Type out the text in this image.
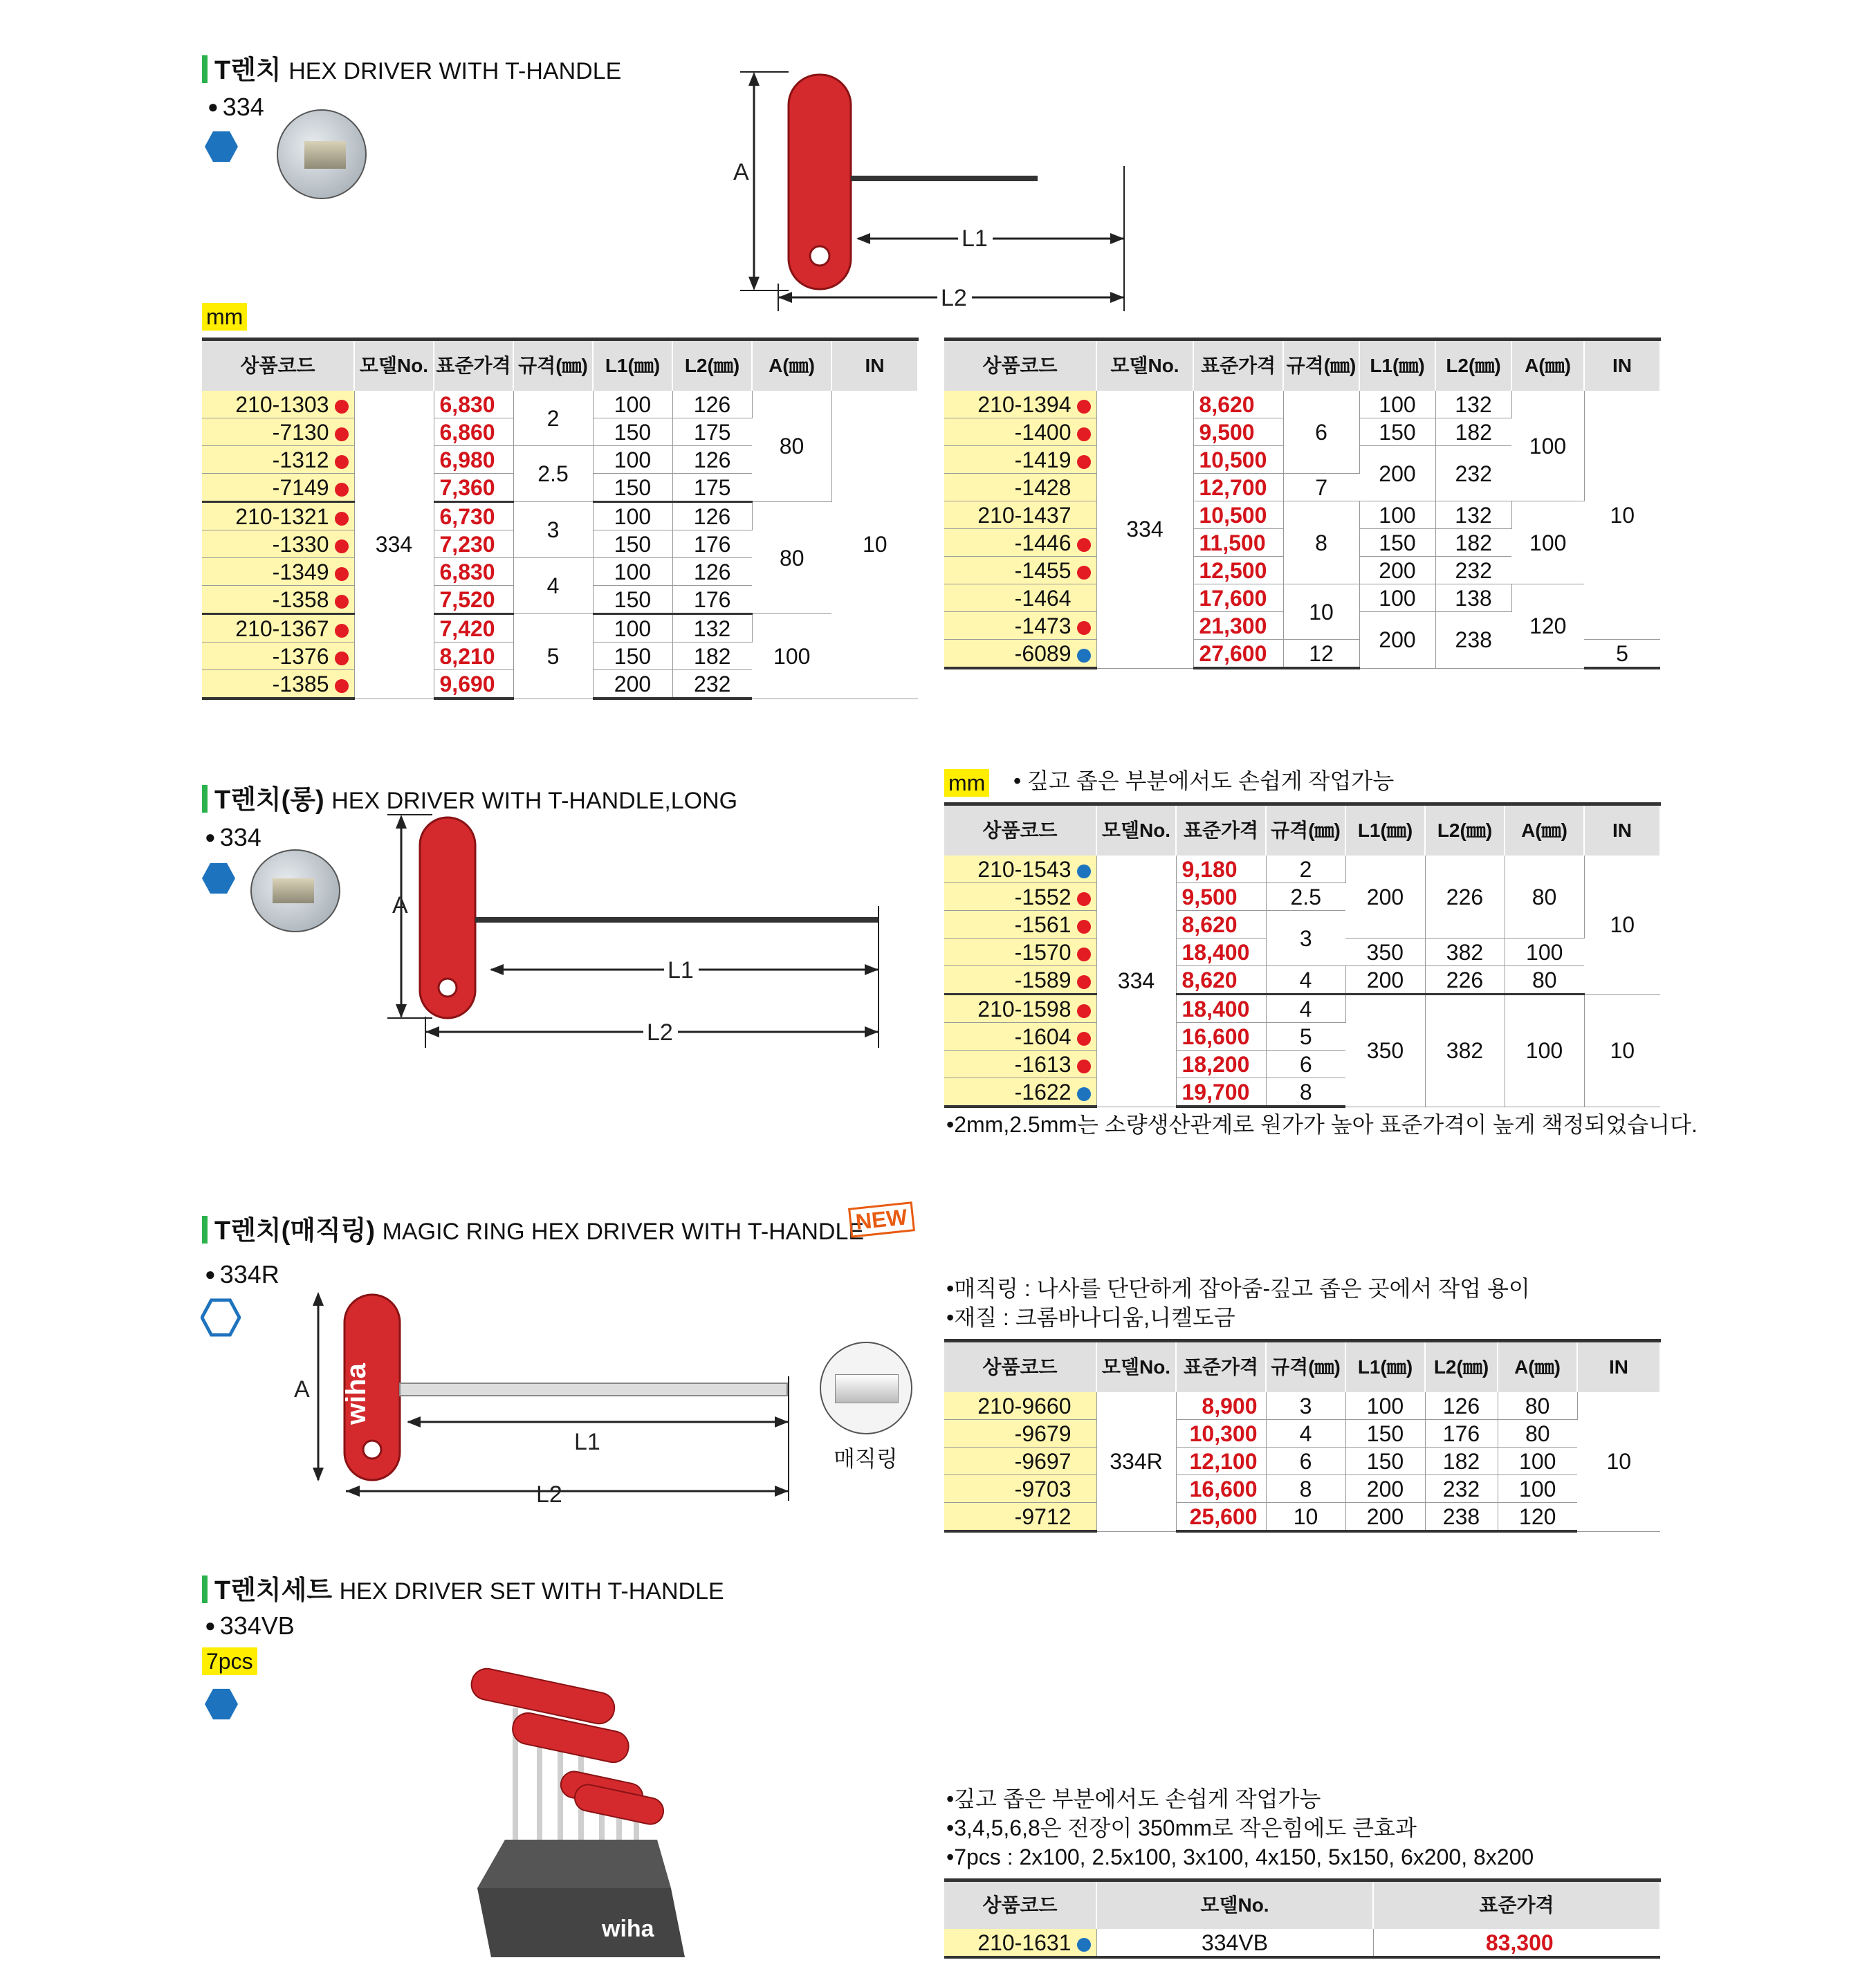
T렌치 HEX DRIVER WITH T-HANDLE
● 334
A
L1
L2
mm
상품코드	모델No.	표준가격	규격(㎜)	L1(㎜)	L2(㎜)	A(㎜)	IN
210-1303	334	6,830	2	100	126	80	10
-7130		6,860		150	175		
-1312		6,980	2.5	100	126		
-7149		7,360		150	175		
210-1321		6,730	3	100	126	80	
-1330		7,230		150	176		
-1349		6,830	4	100	126		
-1358		7,520		150	176		
210-1367		7,420	5	100	132	100	
-1376		8,210		150	182		
-1385		9,690		200	232		
상품코드	모델No.	표준가격	규격(㎜)	L1(㎜)	L2(㎜)	A(㎜)	IN
210-1394	334	8,620	6	100	132	100	10
-1400		9,500		150	182		
-1419		10,500		200	232		
-1428		12,700	7				
210-1437		10,500	8	100	132	100	
-1446		11,500		150	182		
-1455		12,500		200	232		
-1464		17,600	10	100	138	120	
-1473		21,300		200	238		
-6089		27,600	12				5
T렌치(롱) HEX DRIVER WITH T-HANDLE,LONG
● 334
A
L1
L2
mm • 깊고 좁은 부분에서도 손쉽게 작업가능
상품코드	모델No.	표준가격	규격(㎜)	L1(㎜)	L2(㎜)	A(㎜)	IN
210-1543	334	9,180	2	200	226	80	10
-1552		9,500	2.5				
-1561		8,620	3				
-1570		18,400		350	382	100	
-1589		8,620	4	200	226	80	
210-1598		18,400	4	350	382	100	10
-1604		16,600	5				
-1613		18,200	6				
-1622		19,700	8				
•2mm,2.5mm는 소량생산관계로 원가가 높아 표준가격이 높게 책정되었습니다.
T렌치(매직링) MAGIC RING HEX DRIVER WITH T-HANDLE
NEW
● 334R
wiha
A
L1
L2
매직링
•매직링 : 나사를 단단하게 잡아줌-깊고 좁은 곳에서 작업 용이
•재질 : 크롬바나디움,니켈도금
상품코드	모델No.	표준가격	규격(㎜)	L1(㎜)	L2(㎜)	A(㎜)	IN
210-9660	334R	8,900	3	100	126	80	10
-9679		10,300	4	150	176	80	
-9697		12,100	6	150	182	100	
-9703		16,600	8	200	232	100	
-9712		25,600	10	200	238	120	
T렌치세트 HEX DRIVER SET WITH T-HANDLE
● 334VB
7pcs
wiha
•깊고 좁은 부분에서도 손쉽게 작업가능
•3,4,5,6,8은 전장이 350mm로 작은힘에도 큰효과
•7pcs : 2x100, 2.5x100, 3x100, 4x150, 5x150, 6x200, 8x200
상품코드	모델No.	표준가격
210-1631	334VB	83,300
